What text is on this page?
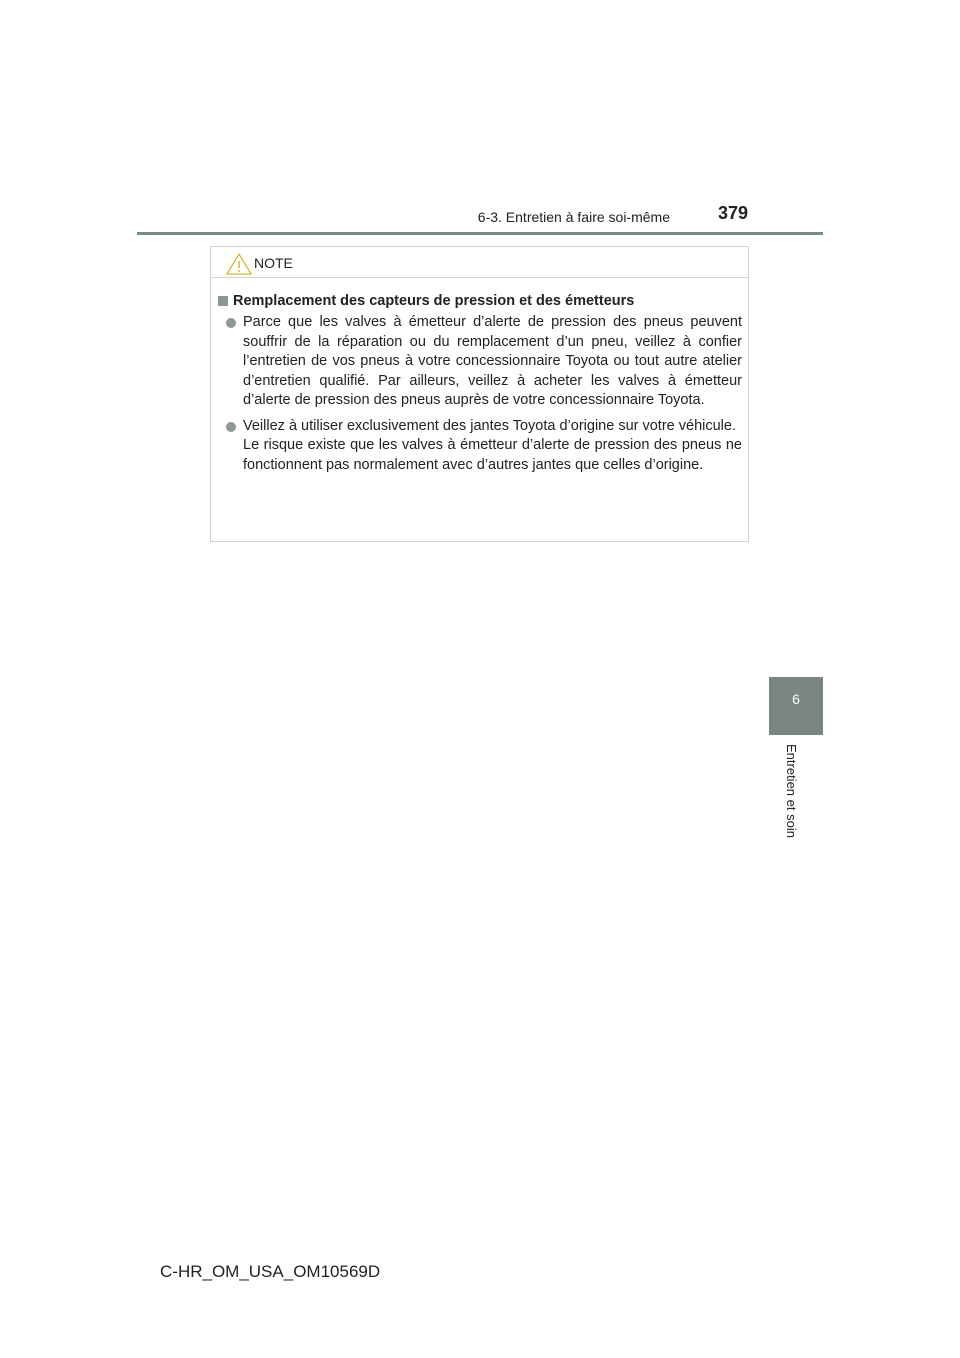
6-3. Entretien à faire soi-même	379
6
Entretien et soin
NOTE
Remplacement des capteurs de pression et des émetteurs
Parce que les valves à émetteur d’alerte de pression des pneus peuvent souffrir de la réparation ou du remplacement d’un pneu, veillez à confier l’entretien de vos pneus à votre concessionnaire Toyota ou tout autre atelier d’entretien qualifié. Par ailleurs, veillez à acheter les valves à émetteur d’alerte de pression des pneus auprès de votre concessionnaire Toyota.
Veillez à utiliser exclusivement des jantes Toyota d’origine sur votre véhicule.
Le risque existe que les valves à émetteur d’alerte de pression des pneus ne fonctionnent pas normalement avec d’autres jantes que celles d’origine.
C-HR_OM_USA_OM10569D
